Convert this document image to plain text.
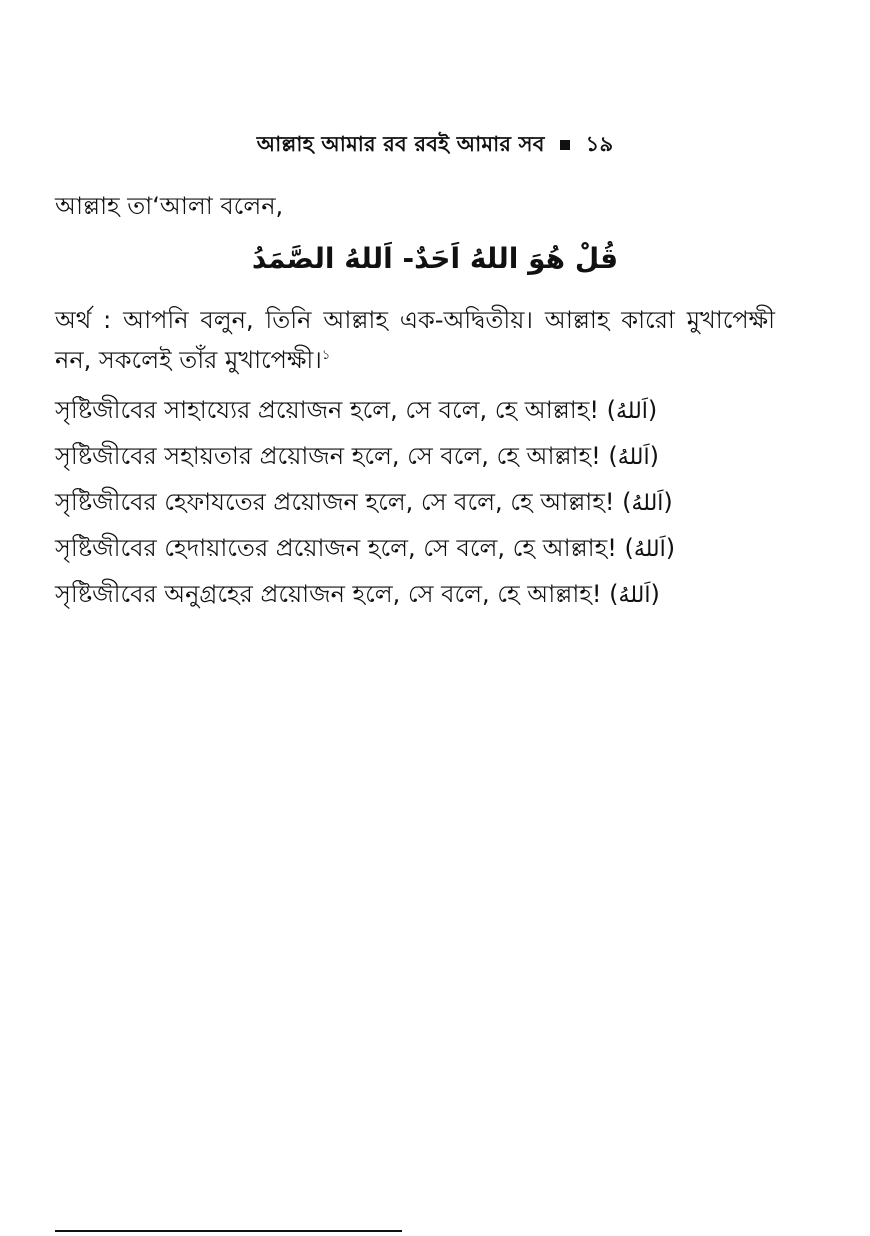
আল্লাহ আমার রব রবই আমার সব ১৯
আল্লাহ তা‘আলা বলেন,
قُلْ هُوَ اللهُ اَحَدٌ- اَللهُ الصَّمَدُ
অর্থ : আপনি বলুন, তিনি আল্লাহ এক-অদ্বিতীয়। আল্লাহ কারো মুখাপেক্ষী নন, সকলেই তাঁর মুখাপেক্ষী।$^১$
সৃষ্টিজীবের সাহায্যের প্রয়োজন হলে, সে বলে, হে আল্লাহ! (اَللهُ)
সৃষ্টিজীবের সহায়তার প্রয়োজন হলে, সে বলে, হে আল্লাহ! (اَللهُ)
সৃষ্টিজীবের হেফাযতের প্রয়োজন হলে, সে বলে, হে আল্লাহ! (اَللهُ)
সৃষ্টিজীবের হেদায়াতের প্রয়োজন হলে, সে বলে, হে আল্লাহ! (اَللهُ)
সৃষ্টিজীবের অনুগ্রহের প্রয়োজন হলে, সে বলে, হে আল্লাহ! (اَللهُ)
